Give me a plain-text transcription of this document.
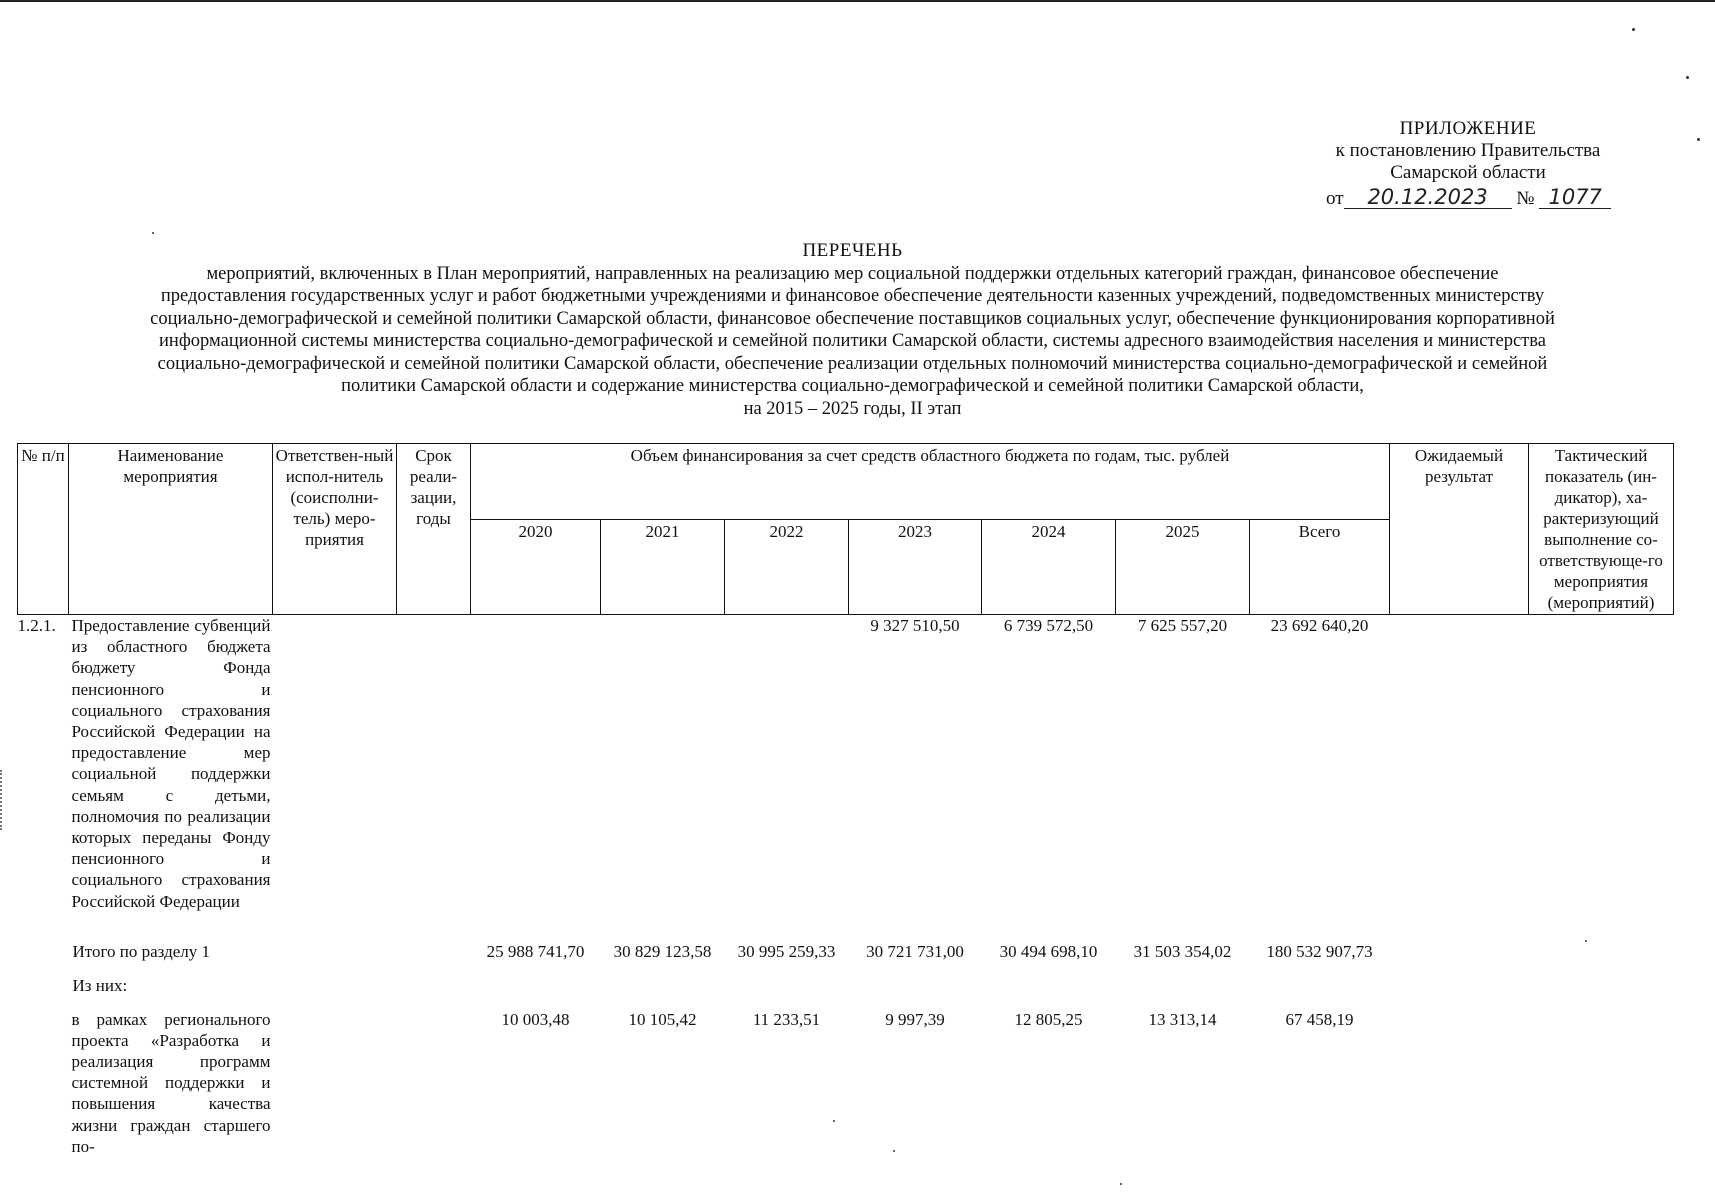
ПРИЛОЖЕНИЕ
к постановлению Правительства
Самарской области
от 20.12.2023 № 1077
ПЕРЕЧЕНЬ
мероприятий, включенных в План мероприятий, направленных на реализацию мер социальной поддержки отдельных категорий граждан, финансовое обеспечение
предоставления государственных услуг и работ бюджетными учреждениями и финансовое обеспечение деятельности казенных учреждений, подведомственных министерству
социально-демографической и семейной политики Самарской области, финансовое обеспечение поставщиков социальных услуг, обеспечение функционирования корпоративной
информационной системы министерства социально-демографической и семейной политики Самарской области, системы адресного взаимодействия населения и министерства
социально-демографической и семейной политики Самарской области, обеспечение реализации отдельных полномочий министерства социально-демографической и семейной
политики Самарской области и содержание министерства социально-демографической и семейной политики Самарской области,
на 2015 – 2025 годы, II этап
№ п/п	Наименование мероприятия	Ответствен-ный испол-нитель (соисполни-тель) меро-приятия	Срок реали-зации, годы	Объем финансирования за счет средств областного бюджета по годам, тыс. рублей							Ожидаемый результат	Тактический показатель (ин-дикатор), ха-рактеризующий выполнение со-ответствующе-го мероприятия (мероприятий)
				2020	2021	2022	2023	2024	2025	Всего		
1.2.1.	Предоставление субвенций из областного бюджета бюджету Фонда пенсионного и социального страхования Российской Федерации на предоставление мер социальной поддержки семьям с детьми, полномочия по реализации которых переданы Фонду пенсионного и социального страхования Российской Федерации						9 327 510,50	6 739 572,50	7 625 557,20	23 692 640,20		
	Итого по разделу 1			25 988 741,70	30 829 123,58	30 995 259,33	30 721 731,00	30 494 698,10	31 503 354,02	180 532 907,73		
	Из них:											
	в рамках регионального проекта «Разработка и реализация программ системной поддержки и повышения качества жизни граждан старшего по-			10 003,48	10 105,42	11 233,51	9 997,39	12 805,25	13 313,14	67 458,19		
